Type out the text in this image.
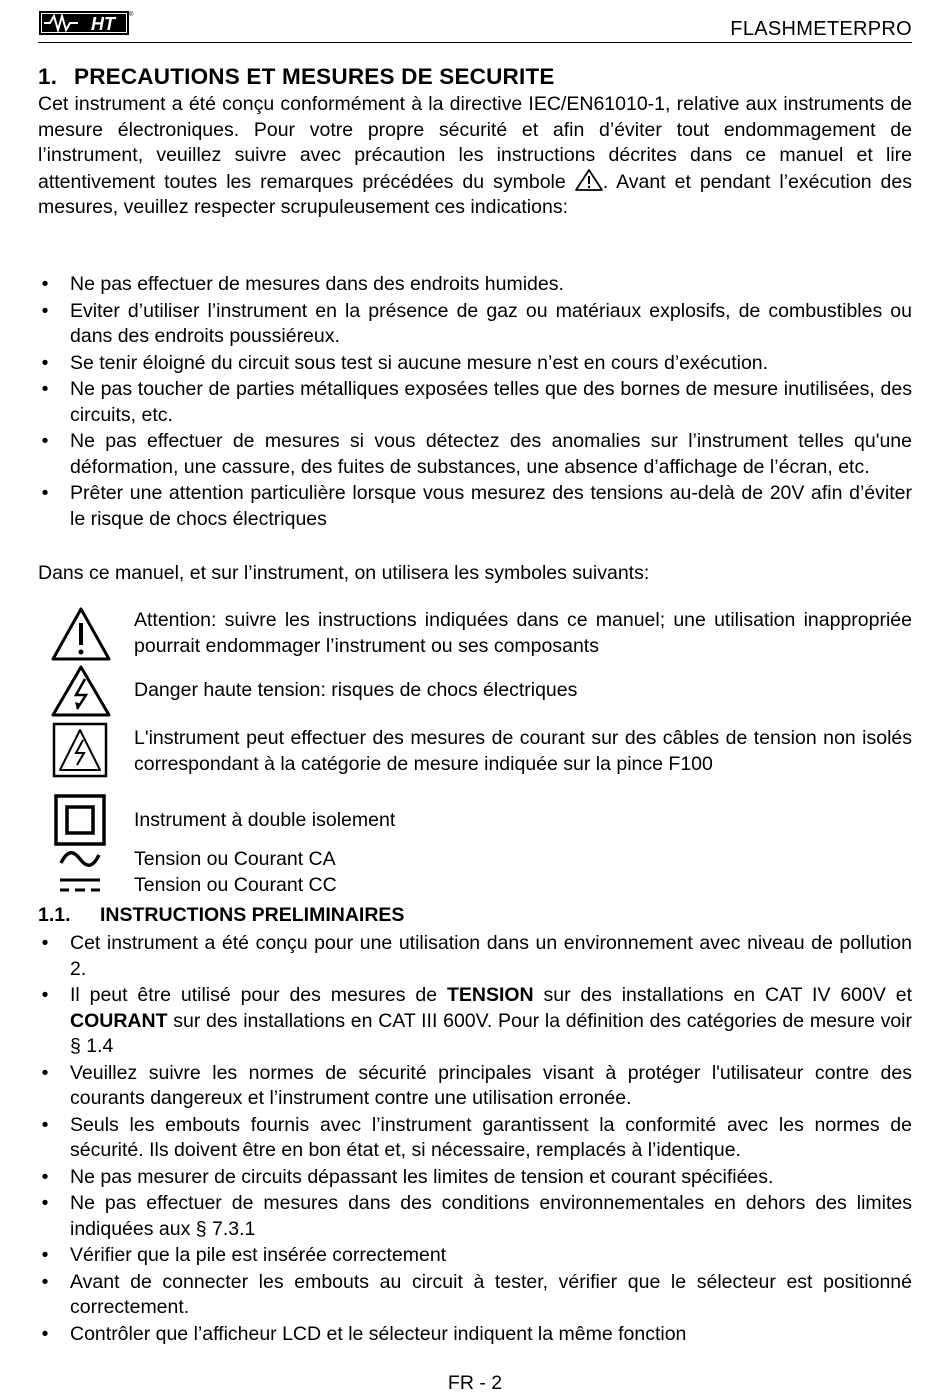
HT	®
FLASHMETERPRO
1. PRECAUTIONS ET MESURES DE SECURITE
Cet instrument a été conçu conformément à la directive IEC/EN61010-1, relative aux instruments de mesure électroniques. Pour votre propre sécurité et afin d’éviter tout endommagement de l’instrument, veuillez suivre avec précaution les instructions décrites dans ce manuel et lire attentivement toutes les remarques précédées du symbole . Avant et pendant l’exécution des mesures, veuillez respecter scrupuleusement ces indications:
• Ne pas effectuer de mesures dans des endroits humides.
• Eviter d’utiliser l’instrument en la présence de gaz ou matériaux explosifs, de combustibles ou dans des endroits poussiéreux.
• Se tenir éloigné du circuit sous test si aucune mesure n’est en cours d’exécution.
• Ne pas toucher de parties métalliques exposées telles que des bornes de mesure inutilisées, des circuits, etc.
• Ne pas effectuer de mesures si vous détectez des anomalies sur l’instrument telles qu'une déformation, une cassure, des fuites de substances, une absence d’affichage de l’écran, etc.
• Prêter une attention particulière lorsque vous mesurez des tensions au-delà de 20V afin d’éviter le risque de chocs électriques
Dans ce manuel, et sur l’instrument, on utilisera les symboles suivants:
Attention: suivre les instructions indiquées dans ce manuel; une utilisation inappropriée pourrait endommager l’instrument ou ses composants
Danger haute tension: risques de chocs électriques
L'instrument peut effectuer des mesures de courant sur des câbles de tension non isolés correspondant à la catégorie de mesure indiquée sur la pince F100
Instrument à double isolement
Tension ou Courant CA
Tension ou Courant CC
1.1. INSTRUCTIONS PRELIMINAIRES
• Cet instrument a été conçu pour une utilisation dans un environnement avec niveau de pollution 2.
• Il peut être utilisé pour des mesures de TENSION sur des installations en CAT IV 600V et COURANT sur des installations en CAT III 600V. Pour la définition des catégories de mesure voir § 1.4
• Veuillez suivre les normes de sécurité principales visant à protéger l'utilisateur contre des courants dangereux et l’instrument contre une utilisation erronée.
• Seuls les embouts fournis avec l’instrument garantissent la conformité avec les normes de sécurité. Ils doivent être en bon état et, si nécessaire, remplacés à l’identique.
• Ne pas mesurer de circuits dépassant les limites de tension et courant spécifiées.
• Ne pas effectuer de mesures dans des conditions environnementales en dehors des limites indiquées aux § 7.3.1
• Vérifier que la pile est insérée correctement
• Avant de connecter les embouts au circuit à tester, vérifier que le sélecteur est positionné correctement.
• Contrôler que l’afficheur LCD et le sélecteur indiquent la même fonction
FR - 2
